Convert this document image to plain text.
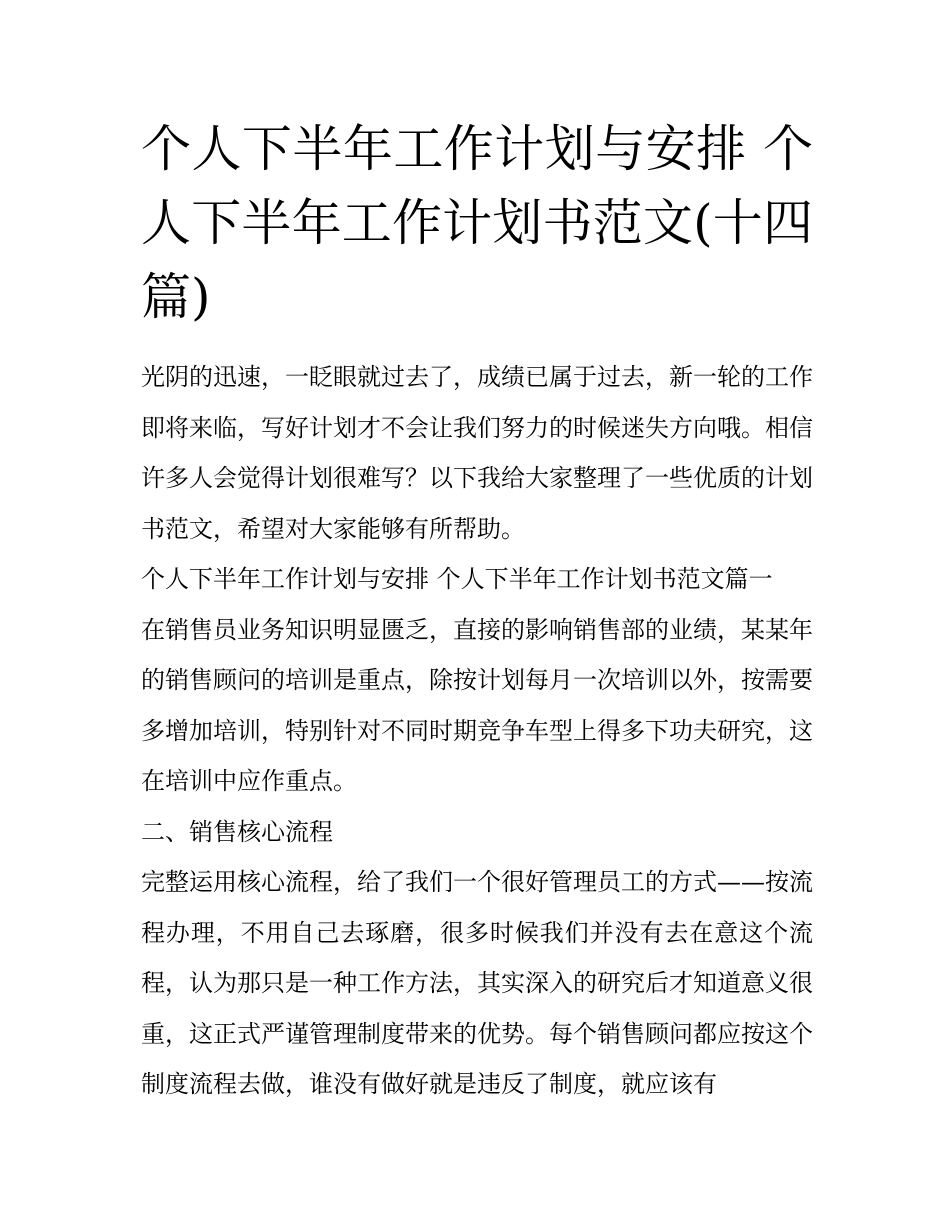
个人下半年工作计划与安排 个人下半年工作计划书范文(十四篇)

光阴的迅速，一眨眼就过去了，成绩已属于过去，新一轮的工作即将来临，写好计划才不会让我们努力的时候迷失方向哦。相信许多人会觉得计划很难写？以下我给大家整理了一些优质的计划书范文，希望对大家能够有所帮助。

个人下半年工作计划与安排 个人下半年工作计划书范文篇一

在销售员业务知识明显匮乏，直接的影响销售部的业绩，某某年的销售顾问的培训是重点，除按计划每月一次培训以外，按需要多增加培训，特别针对不同时期竞争车型上得多下功夫研究，这在培训中应作重点。

二、销售核心流程

完整运用核心流程，给了我们一个很好管理员工的方式——按流程办理，不用自己去琢磨，很多时候我们并没有去在意这个流程，认为那只是一种工作方法，其实深入的研究后才知道意义很重，这正式严谨管理制度带来的优势。每个销售顾问都应按这个制度流程去做，谁没有做好就是违反了制度，就应该有
